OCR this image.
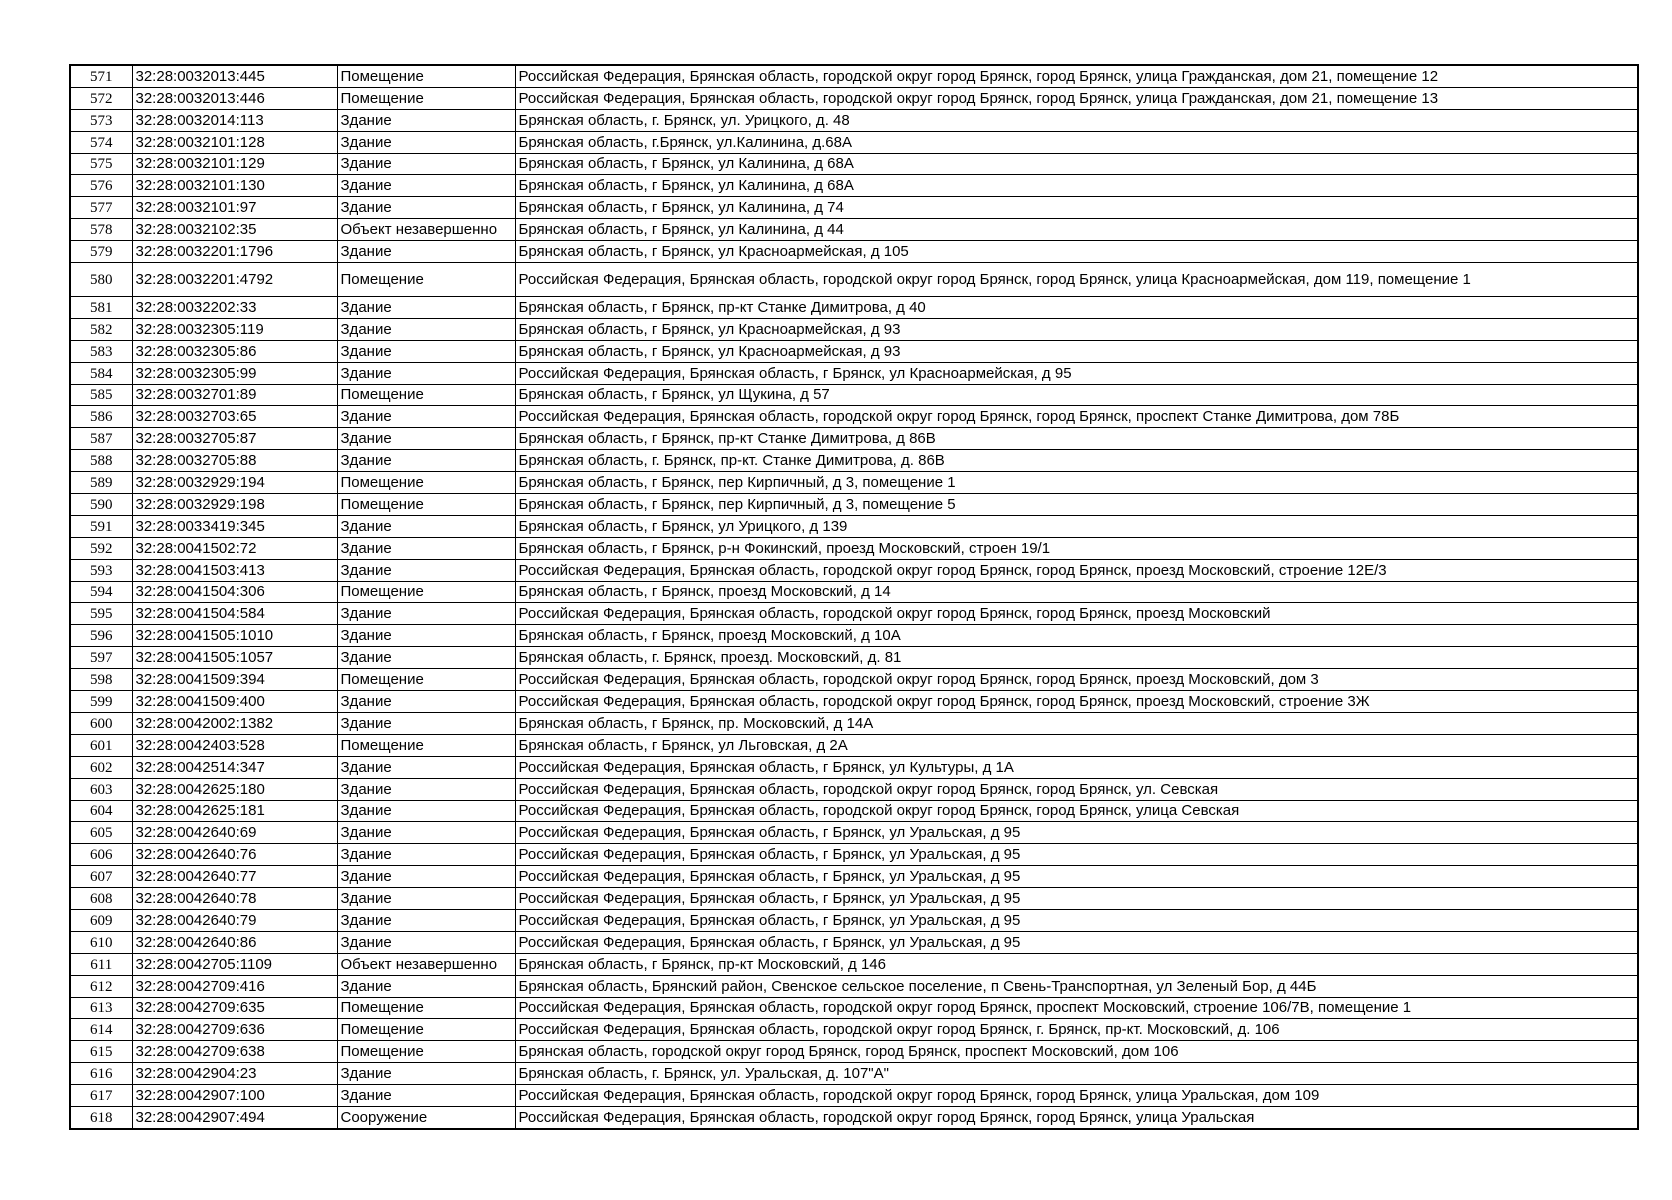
571	32:28:0032013:445	Помещение	Российская Федерация, Брянская область, городской округ город Брянск, город Брянск, улица Гражданская, дом 21, помещение 12
572	32:28:0032013:446	Помещение	Российская Федерация, Брянская область, городской округ город Брянск, город Брянск, улица Гражданская, дом 21, помещение 13
573	32:28:0032014:113	Здание	Брянская область, г. Брянск, ул. Урицкого, д. 48
574	32:28:0032101:128	Здание	Брянская область, г.Брянск, ул.Калинина, д.68А
575	32:28:0032101:129	Здание	Брянская область, г Брянск, ул Калинина, д 68А
576	32:28:0032101:130	Здание	Брянская область, г Брянск, ул Калинина, д 68А
577	32:28:0032101:97	Здание	Брянская область, г Брянск, ул Калинина, д 74
578	32:28:0032102:35	Объект незавершенно	Брянская область, г Брянск, ул Калинина, д 44
579	32:28:0032201:1796	Здание	Брянская область, г Брянск, ул Красноармейская, д 105
580	32:28:0032201:4792	Помещение	Российская Федерация, Брянская область, городской округ город Брянск, город Брянск, улица Красноармейская, дом 119, помещение 1
581	32:28:0032202:33	Здание	Брянская область, г Брянск, пр-кт Станке Димитрова, д 40
582	32:28:0032305:119	Здание	Брянская область, г Брянск, ул Красноармейская, д 93
583	32:28:0032305:86	Здание	Брянская область, г Брянск, ул Красноармейская, д 93
584	32:28:0032305:99	Здание	Российская Федерация, Брянская область, г Брянск, ул Красноармейская, д 95
585	32:28:0032701:89	Помещение	Брянская область, г Брянск, ул Щукина, д 57
586	32:28:0032703:65	Здание	Российская Федерация, Брянская область, городской округ город Брянск, город Брянск, проспект Станке Димитрова, дом 78Б
587	32:28:0032705:87	Здание	Брянская область, г Брянск, пр-кт Станке Димитрова, д 86В
588	32:28:0032705:88	Здание	Брянская область, г. Брянск, пр-кт. Станке Димитрова, д. 86В
589	32:28:0032929:194	Помещение	Брянская область, г Брянск, пер Кирпичный, д 3, помещение 1
590	32:28:0032929:198	Помещение	Брянская область, г Брянск, пер Кирпичный, д 3, помещение 5
591	32:28:0033419:345	Здание	Брянская область, г Брянск, ул Урицкого, д 139
592	32:28:0041502:72	Здание	Брянская область, г Брянск, р-н Фокинский, проезд Московский, строен 19/1
593	32:28:0041503:413	Здание	Российская Федерация, Брянская область, городской округ город Брянск, город Брянск, проезд Московский, строение 12Е/3
594	32:28:0041504:306	Помещение	Брянская область, г Брянск, проезд Московский, д 14
595	32:28:0041504:584	Здание	Российская Федерация, Брянская область, городской округ город Брянск, город Брянск, проезд Московский
596	32:28:0041505:1010	Здание	Брянская область, г Брянск, проезд Московский, д 10А
597	32:28:0041505:1057	Здание	Брянская область, г. Брянск, проезд. Московский, д. 81
598	32:28:0041509:394	Помещение	Российская Федерация, Брянская область, городской округ город Брянск, город Брянск, проезд Московский, дом 3
599	32:28:0041509:400	Здание	Российская Федерация, Брянская область, городской округ город Брянск, город Брянск, проезд Московский, строение 3Ж
600	32:28:0042002:1382	Здание	Брянская область, г Брянск, пр. Московский, д 14А
601	32:28:0042403:528	Помещение	Брянская область, г Брянск, ул Льговская, д 2А
602	32:28:0042514:347	Здание	Российская Федерация, Брянская область, г Брянск, ул Культуры, д 1А
603	32:28:0042625:180	Здание	Российская Федерация, Брянская область, городской округ город Брянск, город Брянск, ул. Севская
604	32:28:0042625:181	Здание	Российская Федерация, Брянская область, городской округ город Брянск, город Брянск, улица Севская
605	32:28:0042640:69	Здание	Российская Федерация, Брянская область, г Брянск, ул Уральская, д 95
606	32:28:0042640:76	Здание	Российская Федерация, Брянская область, г Брянск, ул Уральская, д 95
607	32:28:0042640:77	Здание	Российская Федерация, Брянская область, г Брянск, ул Уральская, д 95
608	32:28:0042640:78	Здание	Российская Федерация, Брянская область, г Брянск, ул Уральская, д 95
609	32:28:0042640:79	Здание	Российская Федерация, Брянская область, г Брянск, ул Уральская, д 95
610	32:28:0042640:86	Здание	Российская Федерация, Брянская область, г Брянск, ул Уральская, д 95
611	32:28:0042705:1109	Объект незавершенно	Брянская область, г Брянск, пр-кт Московский, д 146
612	32:28:0042709:416	Здание	Брянская область, Брянский район, Свенское сельское поселение, п Свень-Транспортная, ул Зеленый Бор, д 44Б
613	32:28:0042709:635	Помещение	Российская Федерация, Брянская область, городской округ город Брянск, проспект Московский, строение 106/7В, помещение 1
614	32:28:0042709:636	Помещение	Российская Федерация, Брянская область, городской округ город Брянск, г. Брянск, пр-кт. Московский, д. 106
615	32:28:0042709:638	Помещение	Брянская область, городской округ город Брянск, город Брянск, проспект Московский, дом 106
616	32:28:0042904:23	Здание	Брянская область, г. Брянск, ул. Уральская, д. 107"А"
617	32:28:0042907:100	Здание	Российская Федерация, Брянская область, городской округ город Брянск, город Брянск, улица Уральская, дом 109
618	32:28:0042907:494	Сооружение	Российская Федерация, Брянская область, городской округ город Брянск, город Брянск, улица Уральская
